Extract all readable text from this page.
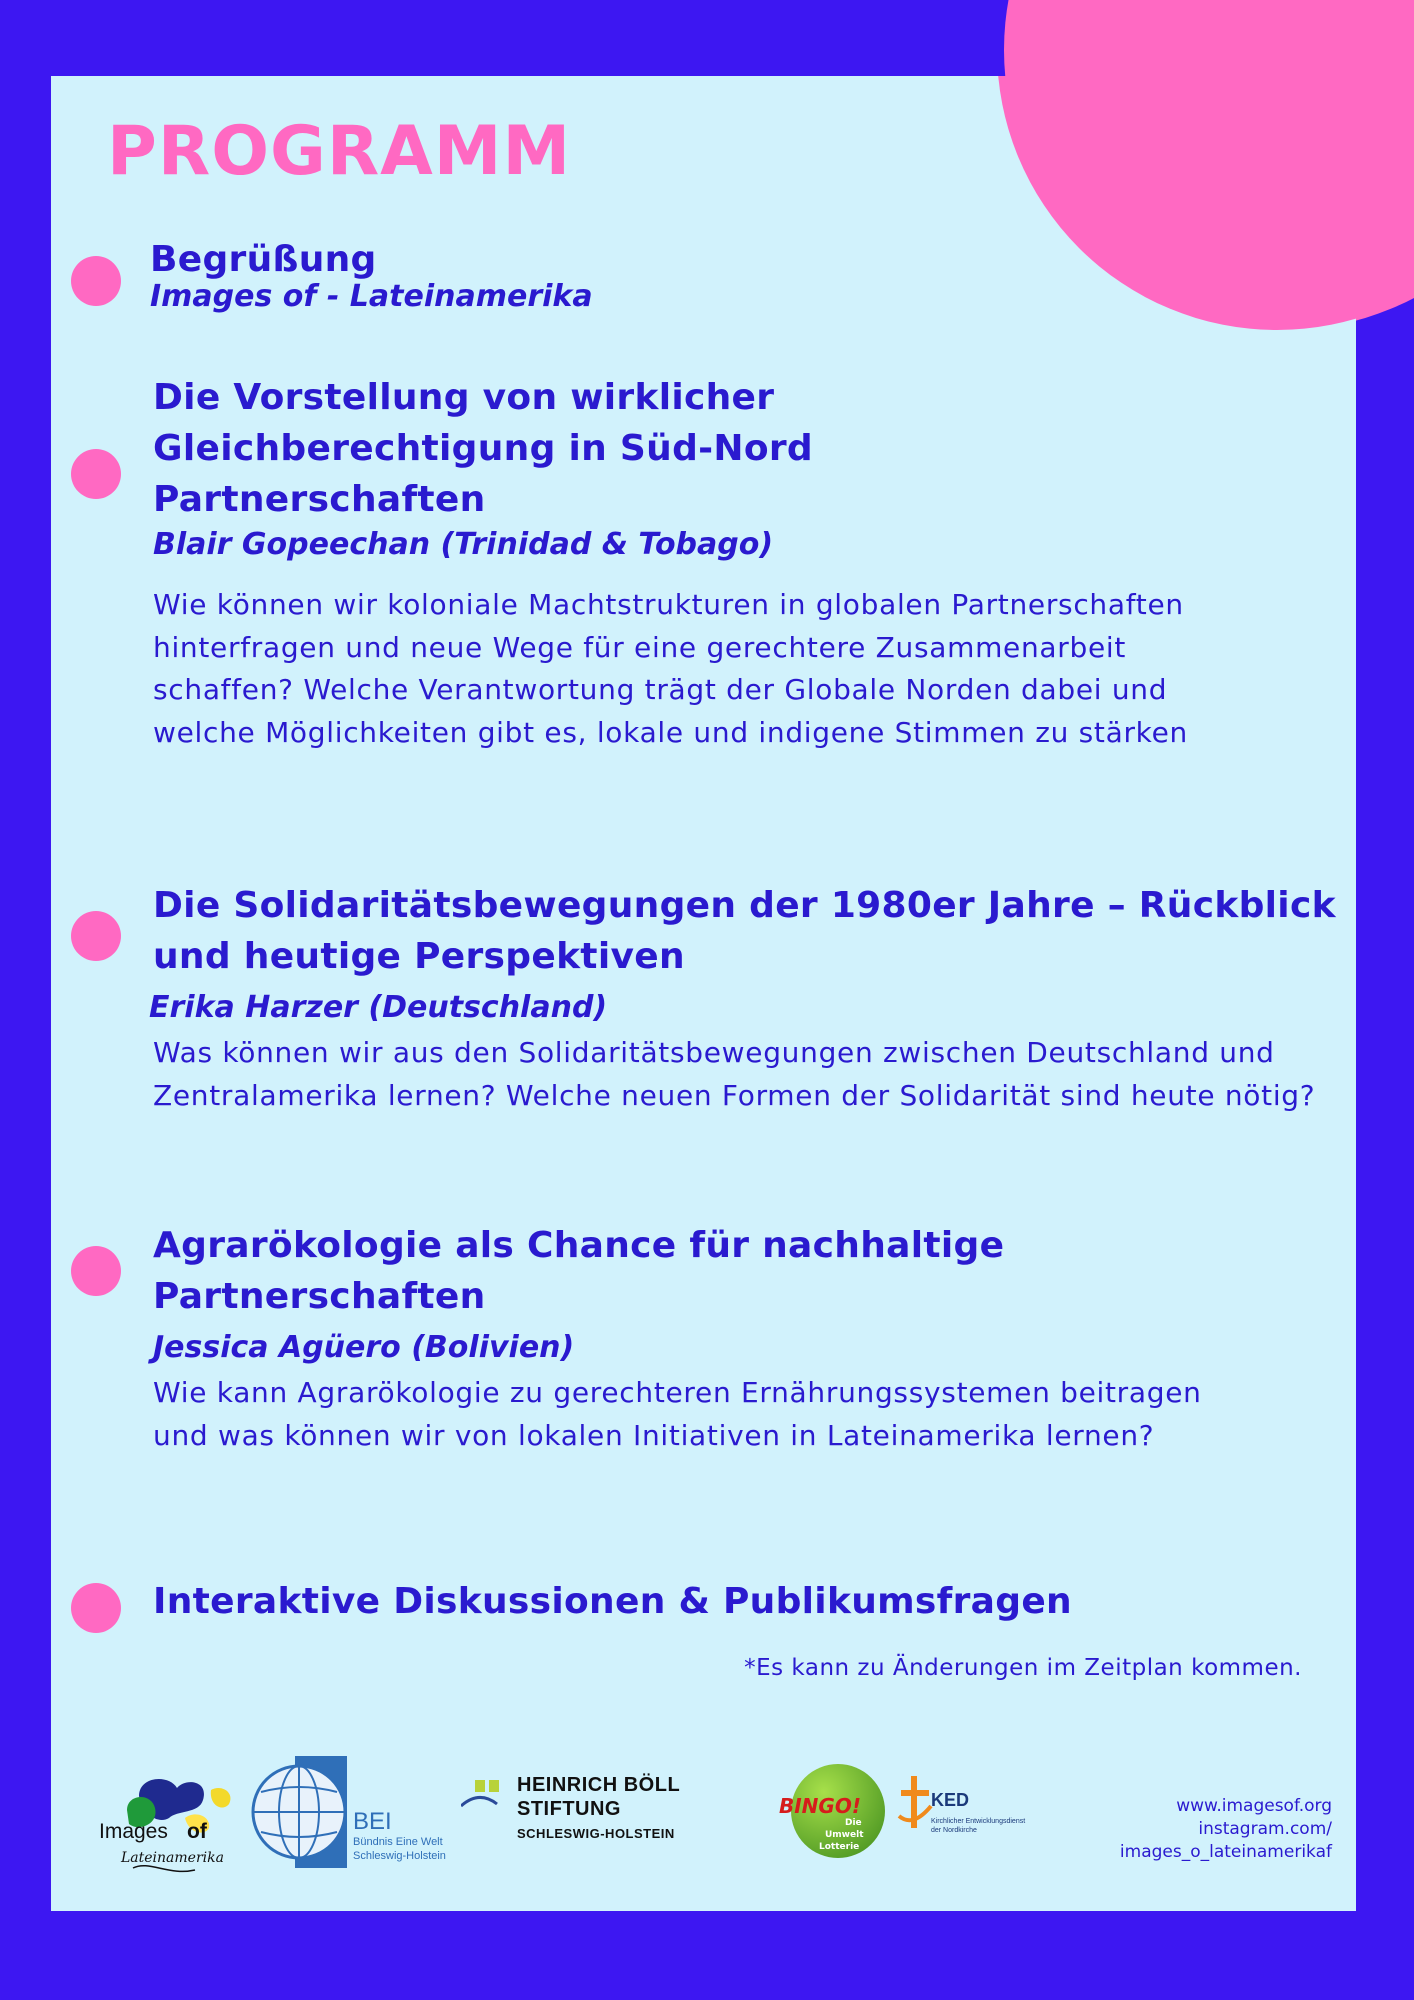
PROGRAMM

Begrüßung

Images of - Lateinamerika

Die Vorstellung von wirklicher Gleichberechtigung in Süd-Nord Partnerschaften

Blair Gopeechan (Trinidad & Tobago)

Wie können wir koloniale Machtstrukturen in globalen Partnerschaften hinterfragen und neue Wege für eine gerechtere Zusammenarbeit schaffen? Welche Verantwortung trägt der Globale Norden dabei und welche Möglichkeiten gibt es, lokale und indigene Stimmen zu stärken

Die Solidaritätsbewegungen der 1980er Jahre – Rückblick und heutige Perspektiven

Erika Harzer (Deutschland)

Was können wir aus den Solidaritätsbewegungen zwischen Deutschland und Zentralamerika lernen? Welche neuen Formen der Solidarität sind heute nötig?

Agrarökologie als Chance für nachhaltige Partnerschaften

Jessica Agüero (Bolivien)

Wie kann Agrarökologie zu gerechteren Ernährungssystemen beitragen und was können wir von lokalen Initiativen in Lateinamerika lernen?

Interaktive Diskussionen & Publikumsfragen

*Es kann zu Änderungen im Zeitplan kommen.
Images of
Lateinamerika
BEI
Bündnis Eine Welt
Schleswig-Holstein
HEINRICH BÖLL
STIFTUNG
SCHLESWIG-HOLSTEIN
BINGO!
Die
Umwelt
Lotterie
KED
Kirchlicher Entwicklungsdienst
der Nordkirche
www.imagesof.org
instagram.com/
images_o_lateinamerikaf
